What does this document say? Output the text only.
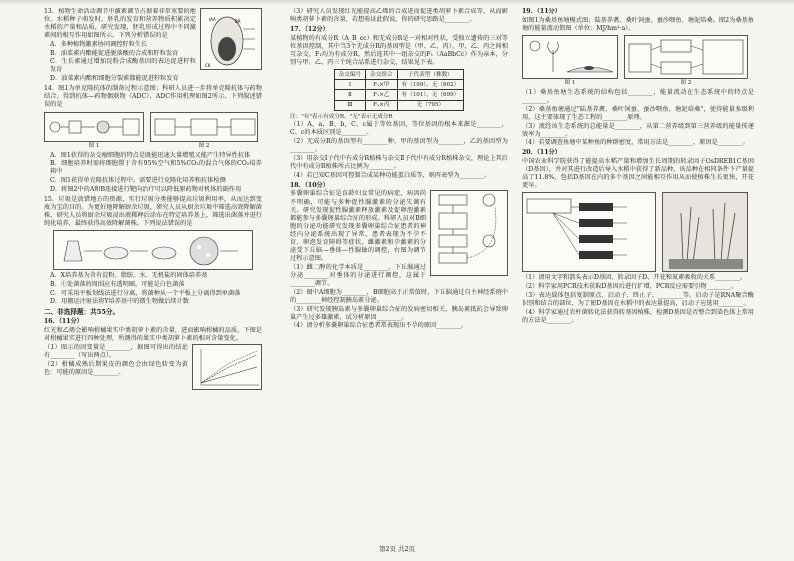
IAA	BR
CK

13．植物生命活动调节中激素调节占据着非常重要的地位。水稻种子萌发时，胚乳的发育和营养物质积累决定水稻的产量和品质，研究发现，胚乳形成过程中不同激素间的相互作用如图所示。下列分析错误的是

A．多种植物激素协同调控籽粒生长

B．油菜素内酯能促进脱落酸的合成和籽粒发育

C．生长素通过增加淀粉合成酶基因的表达促进籽粒发育

D．油菜素内酯和细胞分裂素都能促进籽粒发育

14．图1为单克隆抗体的制备过程示意图；科研人员进一步将单克隆抗体与药物结合，得到抗体—药物偶联物（ADC），ADC作用机理如图2所示。下列叙述错误的是

图 1	图 2

A．图1获得的杂交瘤细胞的特点是既能迅速大量增殖又能产生特异性抗体

B．细胞培养时需将细胞置于含有95%空气和5%CO₂的混合气体的CO₂培养箱中

C．图1获得单克隆抗体过程中，需要进行克隆化培养和抗体检测

D．将图2中的A和B连接进行靶向治疗可以降低原药物对机体的副作用

15．垃圾是放错地方的资源，实行垃圾分类能够提高垃圾利用率，从而达到变废为宝的目的。为更好地降解厨余垃圾，研究人员从厨余垃圾中筛选高效降解菌株，研究人员将厨余垃圾浸出液稀释后涂布在特定培养基上，筛选出菌落并进行纯化培养，最终获得高效降解菌株。下列说法错误的是

A．X培养基为含有淀粉、脂肪、水、无机盐的固体培养基

B．①处菌落的周围应有透明圈，可能是白色菌落

C．可采用平板划线法进行分离，将菌种从一个平板上分离得到单菌落

D．用搬运注射法将Y培养基中的微生物做后续计数

二、非选择题：共55分。

16．（11分）

红光和乙烯会影响柑橘果实中类胡萝卜素的含量，进而影响柑橘的品质。下图是对柑橘果实进行四种处理，所测得的果实中类胡萝卜素的相对含量变化。

（1）图示的因变量是________，据图可得出的结论有________（写出两点）。

（2）柑橘成熟后期果皮的颜色会由绿色转变为黄色：可能的原因是________。

（3）研究人员发现红光能提高乙烯的合成进而促进类胡萝卜素合成等，从而影响类胡萝卜素的含量，若想验证此假说，你的研究思路是________。

17．（12分）

某植物的有成分R（A_B_cc）和无成分R是一对相对性状，受独立遗传的三对等位基因控制，其中当3个无成分R的基因型是（甲、乙、丙），甲、乙、丙之间相互杂交，F₁均为有成分R。然后选其中一组杂交的F₁（AaBbCc）作为亲本，分别与甲、乙、丙三个纯合品系进行杂交，结果见下表。

杂交编号	杂交组合	子代表型（株数）
Ⅰ	F₁×甲	有（199），无（602）
Ⅱ	F₁×乙	有（101），无（699）
Ⅲ	F₁×丙	无（795）

注："有"表示有成分R，"无"表示无成分R

（1）A、a，B、b，C、c属于等位基因，等位基因的根本来源是________，C、c的本质区别是________。

（2）无成分R的基因型有________种，甲的基因型为________，乙的基因型为________。

（3）用杂交Ⅰ子代中有成分R植株与杂交Ⅱ子代中有成分R植株杂交，理论上其后代中有成分R植株所占比例为________。

（4）若已知C基因可控制合成某种功能蛋白质等，则丙表型为________。

18．（10分）

多囊卵巢综合征是育龄妇女常见的病症，病因尚不明确，可能与多种促性腺激素的分泌失调有关。研究发现促性腺激素释放激素及促卵泡激素都能参与多囊卵巢综合征的形成。科研人员对B细胞的分泌功能研究发现多囊卵巢综合征患者的神经内分泌系统出现了异常，患者表现为不孕不育、卵泡发育障碍等症状。雌激素和孕激素的分泌受下丘脑—垂体—性腺轴的调控，右图为调节过程示意图。

（1）雌二醇的化学本质是________，下丘脑通过分泌________对垂体的分泌进行调控，这属于________调节。

（2）图中A细胞为________，B细胞高于正常值时，下丘脑通过自主神经系统中的________神经控制胰岛素分泌。

（3）研究发现胰岛素与多囊卵巢综合征的发病密切相关，胰岛素抵抗会导致卵巢产生过多雄激素，试分析原因________。

（4）请分析多囊卵巢综合征患者常表现出不孕的原因________。

19．（11分）

如图1为桑基鱼塘模式图；陆基养禽、桑叶饲蚕、蚕沙喂鱼、塘泥培桑。图2为桑基鱼塘的能量流动简图（单位：MJ/hm²·a）。

图 1	图 2

（1）桑基鱼塘生态系统的结构包括________，能量流动在生态系统中的特点是________。

（2）桑基鱼塘通过"陆基养禽、桑叶饲蚕、蚕沙喂鱼、塘泥培桑"，使得能量多级利用，这主要体现了生态工程的________原理。

（3）流经该生态系统的总能量是________，从第二营养级到第三营养级的能量传递效率为________。

（4）若要调查鱼塘中某种鱼的种群密度，常用方法是________，原因是________。

20．（11分）

中国农业科学院获得了能提高水稻产量和增加生长周期的转录因子OsDREB1C基因（D基因），并对其进行改造后导入水稻中获得了新品种，该品种在相同条件下产量提高了11.8%，包括D基因在内的多个基因之间能相互作用从而使植株生长更快，开花更早。

（1）请用文字和箭头表示D基因、转录因子D、开花和氮素吸收的关系________。

（2）科学家用PCR技术获取D基因后进行扩增，PCR反应需要引物________。

（3）表达载体包括复制原点、启动子、终止子、________等。启动子是RNA聚合酶识别和结合的部位，为了使D基因在水稻中的表达量提高，启动子应选用________。

（4）科学家通过农杆菌转化法获得转基因植株，检测D基因是否整合到染色体上常用的方法是________。

第2页 共2页
